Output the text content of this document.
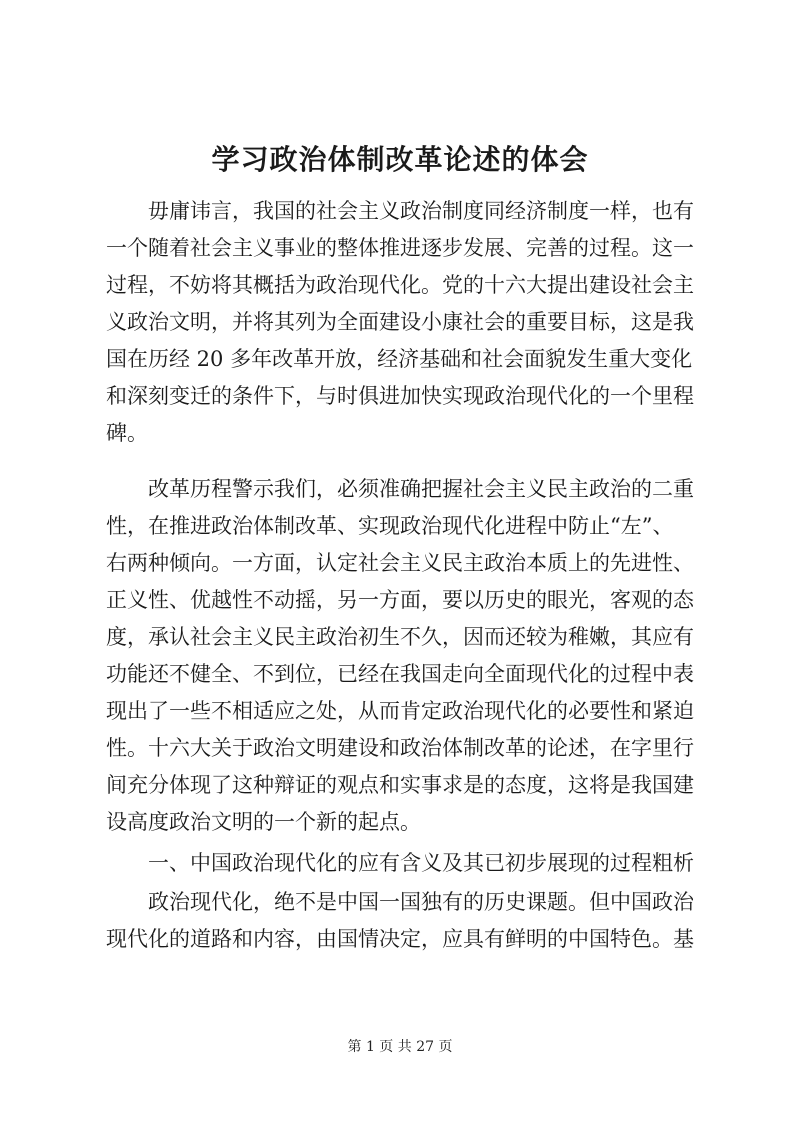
学习政治体制改革论述的体会

毋庸讳言，我国的社会主义政治制度同经济制度一样，也有

一个随着社会主义事业的整体推进逐步发展、完善的过程。这一

过程，不妨将其概括为政治现代化。党的十六大提出建设社会主

义政治文明，并将其列为全面建设小康社会的重要目标，这是我

国在历经 20 多年改革开放，经济基础和社会面貌发生重大变化

和深刻变迁的条件下，与时俱进加快实现政治现代化的一个里程

碑。

改革历程警示我们，必须准确把握社会主义民主政治的二重

性，在推进政治体制改革、实现政治现代化进程中防止“左”、

右两种倾向。一方面，认定社会主义民主政治本质上的先进性、

正义性、优越性不动摇，另一方面，要以历史的眼光，客观的态

度，承认社会主义民主政治初生不久，因而还较为稚嫩，其应有

功能还不健全、不到位，已经在我国走向全面现代化的过程中表

现出了一些不相适应之处，从而肯定政治现代化的必要性和紧迫

性。十六大关于政治文明建设和政治体制改革的论述，在字里行

间充分体现了这种辩证的观点和实事求是的态度，这将是我国建

设高度政治文明的一个新的起点。

一、中国政治现代化的应有含义及其已初步展现的过程粗析

政治现代化，绝不是中国一国独有的历史课题。但中国政治

现代化的道路和内容，由国情决定，应具有鲜明的中国特色。基

第 1 页 共 27 页
